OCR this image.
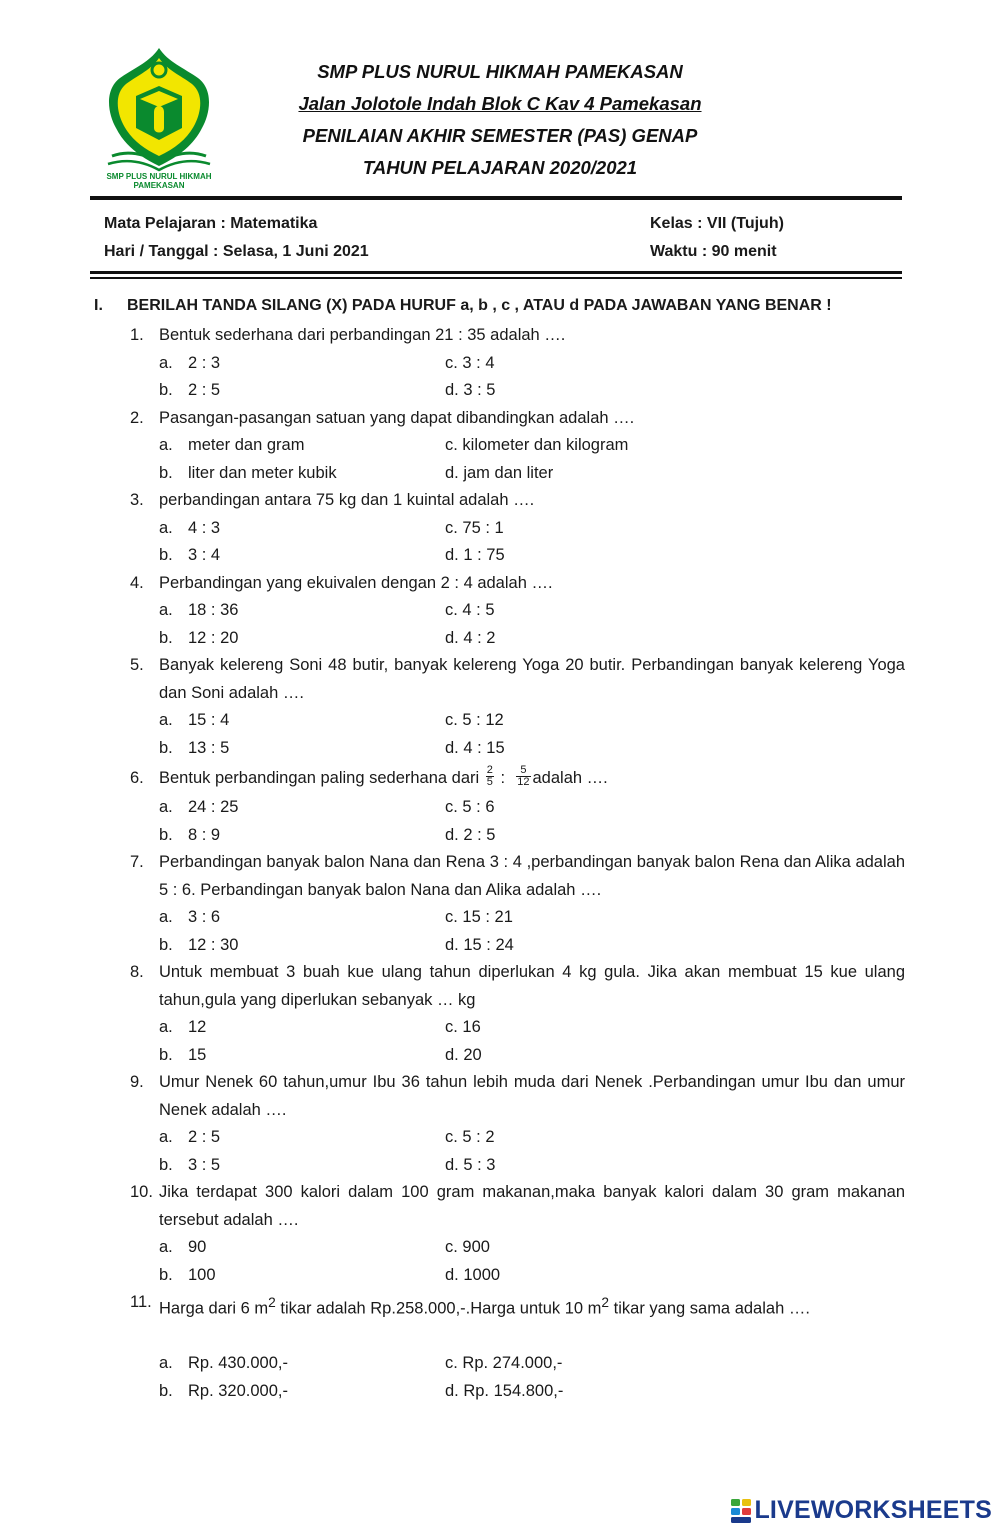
SMP PLUS NURUL HIKMAH
PAMEKASAN
SMP PLUS NURUL HIKMAH PAMEKASAN
Jalan Jolotole Indah Blok C Kav 4 Pamekasan
PENILAIAN AKHIR SEMESTER (PAS) GENAP
TAHUN PELAJARAN 2020/2021
Mata Pelajaran : Matematika
Hari / Tanggal : Selasa, 1 Juni 2021
Kelas : VII (Tujuh)
Waktu : 90 menit
I. BERILAH TANDA SILANG (X) PADA HURUF a, b , c , ATAU d PADA JAWABAN YANG BENAR !
1. Bentuk sederhana dari perbandingan 21 : 35 adalah ….
a. 2 : 3	c. 3 : 4
b. 2 : 5	d. 3 : 5
2. Pasangan-pasangan satuan yang dapat dibandingkan adalah ….
a. meter dan gram	c. kilometer dan kilogram
b. liter dan meter kubik	d. jam dan liter
3. perbandingan antara 75 kg dan 1 kuintal adalah ….
a. 4 : 3	c. 75 : 1
b. 3 : 4	d. 1 : 75
4. Perbandingan yang ekuivalen dengan 2 : 4 adalah ….
a. 18 : 36	c. 4 : 5
b. 12 : 20	d. 4 : 2
5. Banyak kelereng Soni 48 butir, banyak kelereng Yoga 20 butir. Perbandingan banyak kelereng Yoga dan Soni adalah ….
a. 15 : 4	c. 5 : 12
b. 13 : 5	d. 4 : 15
6. Bentuk perbandingan paling sederhana dari $\frac{2}{5}$ : $\frac{5}{12}$ adalah ….
a. 24 : 25	c. 5 : 6
b. 8 : 9	d. 2 : 5
7. Perbandingan banyak balon Nana dan Rena 3 : 4 ,perbandingan banyak balon Rena dan Alika adalah 5 : 6. Perbandingan banyak balon Nana dan Alika adalah ….
a. 3 : 6	c. 15 : 21
b. 12 : 30	d. 15 : 24
8. Untuk membuat 3 buah kue ulang tahun diperlukan 4 kg gula. Jika akan membuat 15 kue ulang tahun,gula yang diperlukan sebanyak … kg
a. 12	c. 16
b. 15	d. 20
9. Umur Nenek 60 tahun,umur Ibu 36 tahun lebih muda dari Nenek .Perbandingan umur Ibu dan umur Nenek adalah ….
a. 2 : 5	c. 5 : 2
b. 3 : 5	d. 5 : 3
10. Jika terdapat 300 kalori dalam 100 gram makanan,maka banyak kalori dalam 30 gram makanan tersebut adalah ….
a. 90	c. 900
b. 100	d. 1000
11. Harga dari 6 $m^2$ tikar adalah Rp.258.000,-.Harga untuk 10 $m^2$ tikar yang sama adalah ….
a. Rp. 430.000,-	c. Rp. 274.000,-
b. Rp. 320.000,-	d. Rp. 154.800,-
LIVEWORKSHEETS
